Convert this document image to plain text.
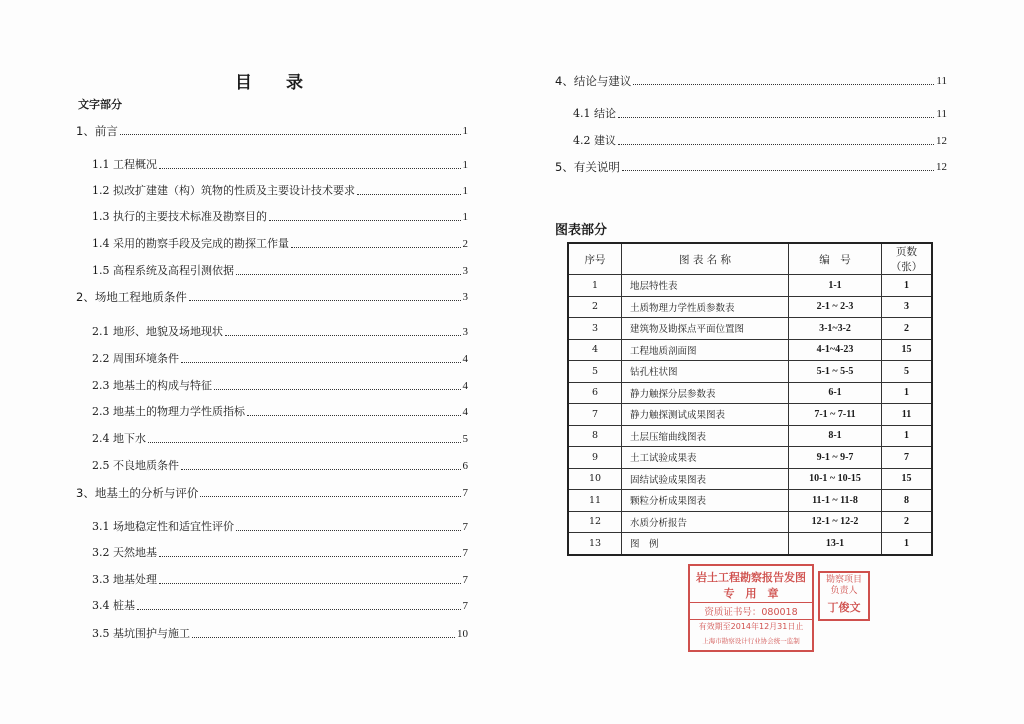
目　　录
文字部分
1、前言	1
1.1 工程概况	1
1.2 拟改扩建建（构）筑物的性质及主要设计技术要求	1
1.3 执行的主要技术标准及勘察目的	1
1.4 采用的勘察手段及完成的勘探工作量	2
1.5 高程系统及高程引测依据	3
2、场地工程地质条件	3
2.1 地形、地貌及场地现状	3
2.2 周围环境条件	4
2.3 地基土的构成与特征	4
2.3 地基土的物理力学性质指标	4
2.4 地下水	5
2.5 不良地质条件	6
3、地基土的分析与评价	7
3.1 场地稳定性和适宜性评价	7
3.2 天然地基	7
3.3 地基处理	7
3.4 桩基	7
3.5 基坑围护与施工	10
4、结论与建议	11
4.1 结论	11
4.2 建议	12
5、有关说明	12
图表部分
序号	图 表 名 称	编　号	页数（张）
1	地层特性表	1-1	1
2	土质物理力学性质参数表	2-1 ~ 2-3	3
3	建筑物及勘探点平面位置图	3-1~3-2	2
4	工程地质剖面图	4-1~4-23	15
5	钻孔柱状图	5-1 ~ 5-5	5
6	静力触探分层参数表	6-1	1
7	静力触探测试成果图表	7-1 ~ 7-11	11
8	土层压缩曲线图表	8-1	1
9	土工试验成果表	9-1 ~ 9-7	7
10	固结试验成果图表	10-1 ~ 10-15	15
11	颗粒分析成果图表	11-1 ~ 11-8	8
12	水质分析报告	12-1 ~ 12-2	2
13	图　例	13-1	1
岩土工程勘察报告发图
专　用　章
资质证书号：080018
有效期至2014年12月31日止
上海市勘察设计行业协会统一监制
勘察项目负责人
丁俊文
